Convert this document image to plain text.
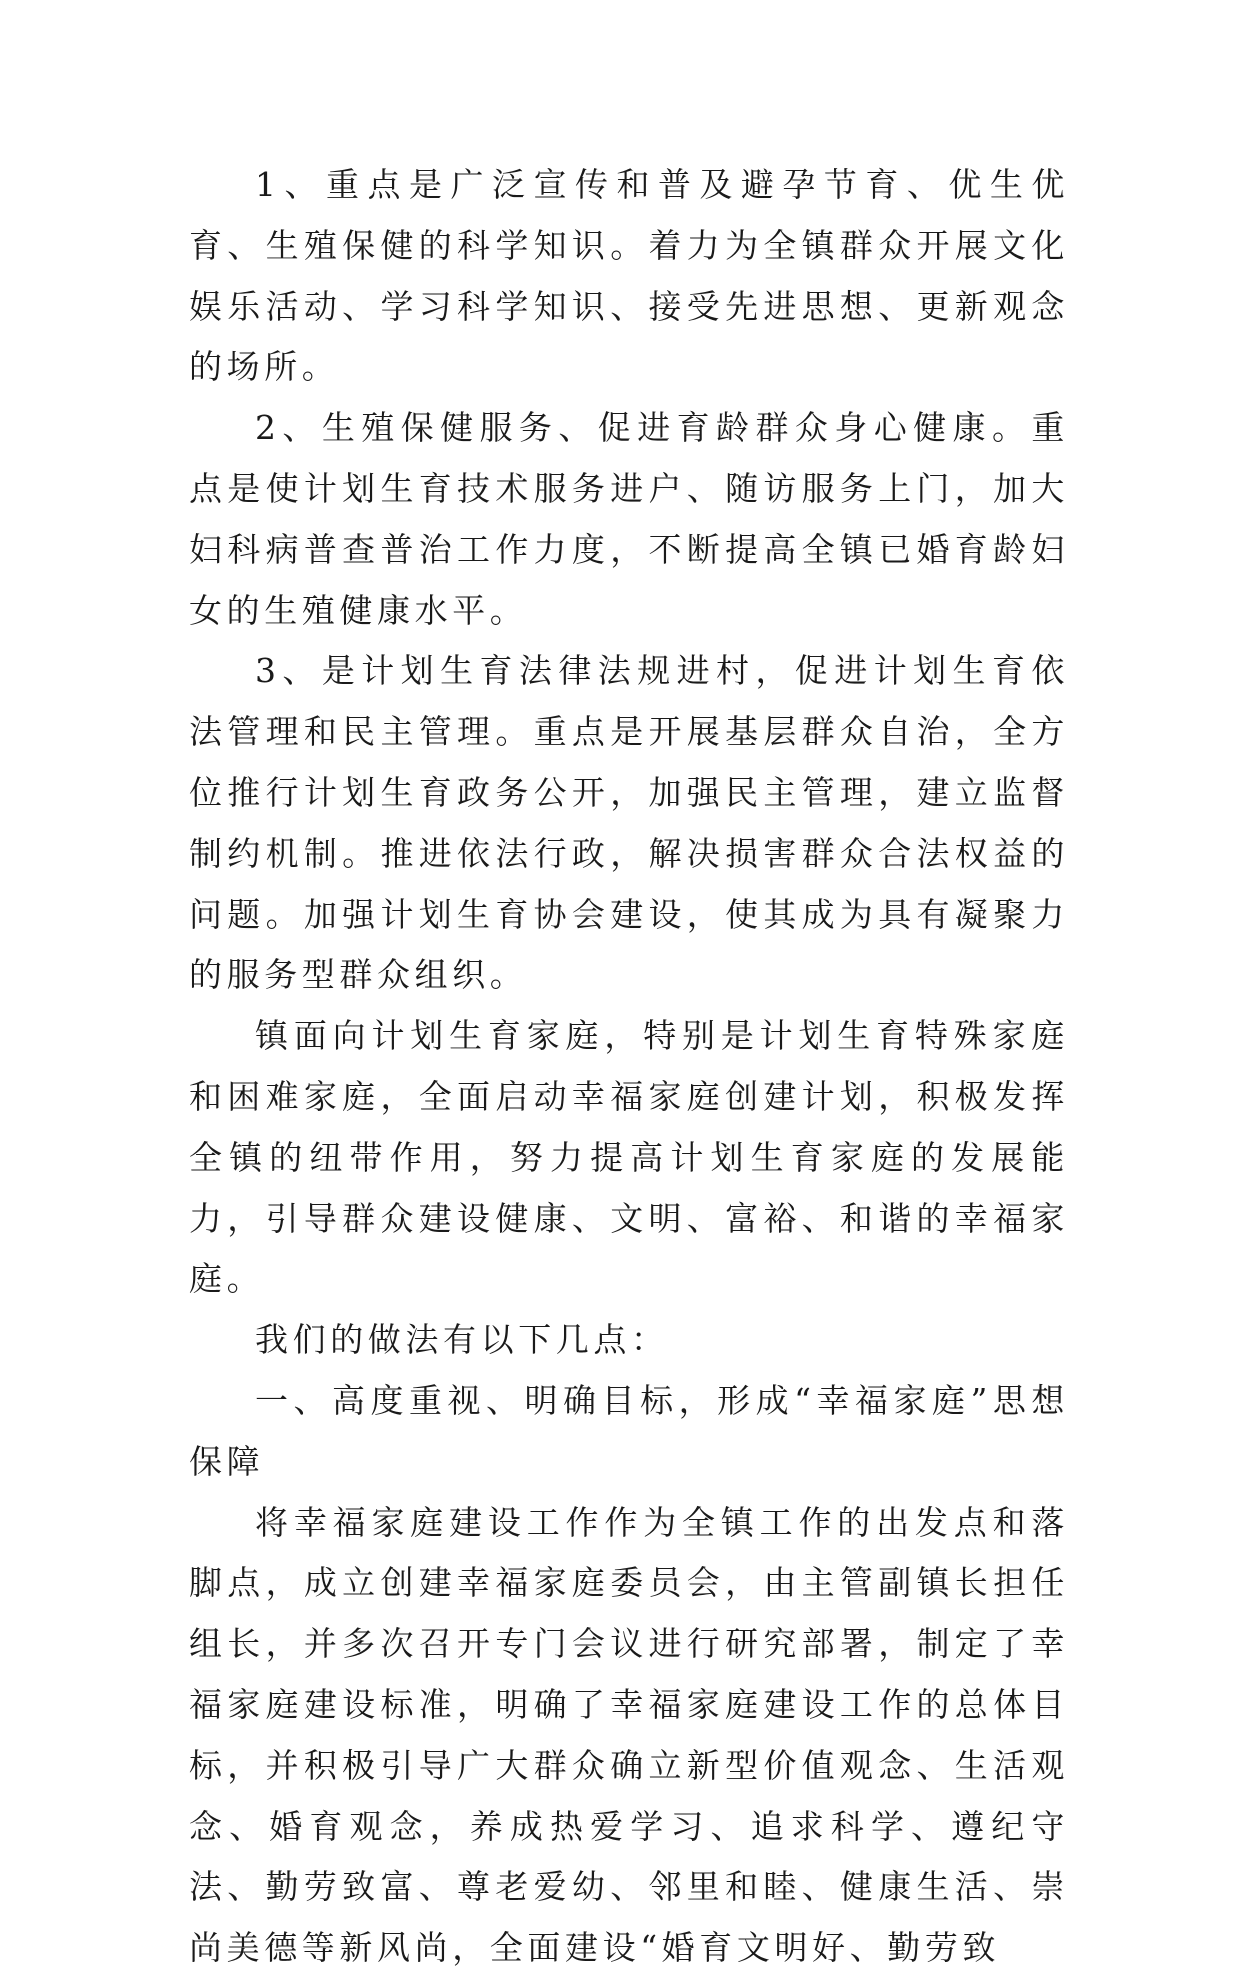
1、重点是广泛宣传和普及避孕节育、优生优育、生殖保健的科学知识。着力为全镇群众开展文化娱乐活动、学习科学知识、接受先进思想、更新观念的场所。

2、生殖保健服务、促进育龄群众身心健康。重点是使计划生育技术服务进户、随访服务上门，加大妇科病普查普治工作力度，不断提高全镇已婚育龄妇女的生殖健康水平。

3、是计划生育法律法规进村，促进计划生育依法管理和民主管理。重点是开展基层群众自治，全方位推行计划生育政务公开，加强民主管理，建立监督制约机制。推进依法行政，解决损害群众合法权益的问题。加强计划生育协会建设，使其成为具有凝聚力的服务型群众组织。

镇面向计划生育家庭，特别是计划生育特殊家庭和困难家庭，全面启动幸福家庭创建计划，积极发挥全镇的纽带作用，努力提高计划生育家庭的发展能力，引导群众建设健康、文明、富裕、和谐的幸福家庭。

我们的做法有以下几点：

一、高度重视、明确目标，形成“幸福家庭”思想保障

将幸福家庭建设工作作为全镇工作的出发点和落脚点，成立创建幸福家庭委员会，由主管副镇长担任组长，并多次召开专门会议进行研究部署，制定了幸福家庭建设标准，明确了幸福家庭建设工作的总体目标，并积极引导广大群众确立新型价值观念、生活观念、婚育观念，养成热爱学习、追求科学、遵纪守法、勤劳致富、尊老爱幼、邻里和睦、健康生活、崇尚美德等新风尚，全面建设“婚育文明好、勤劳致
